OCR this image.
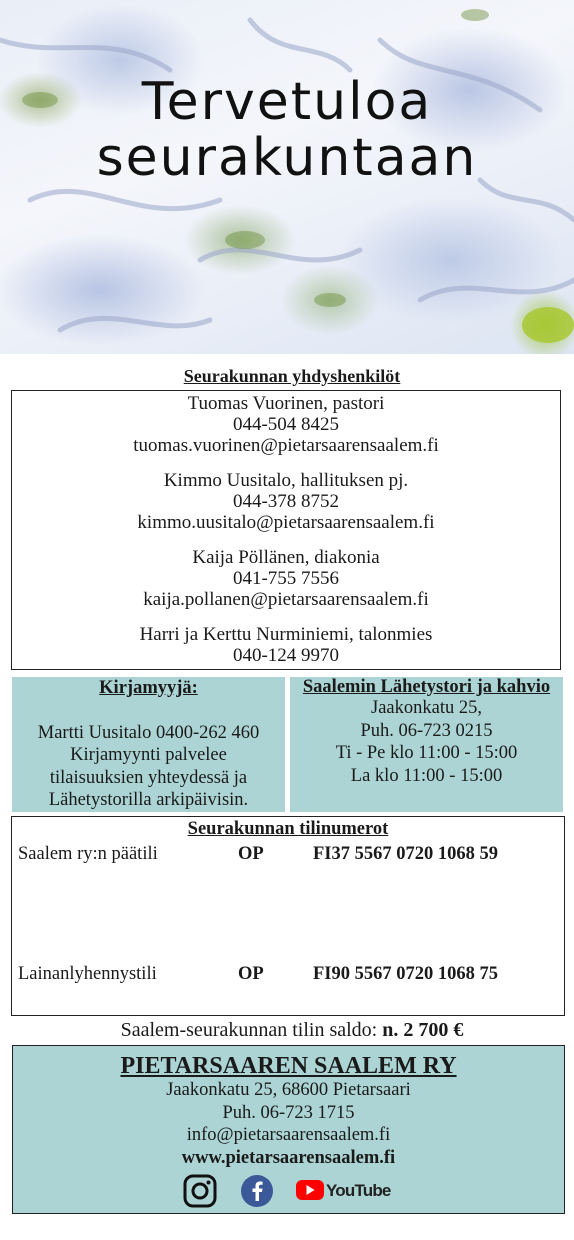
Tervetuloa
seurakuntaan
Seurakunnan yhdyshenkilöt
Tuomas Vuorinen, pastori
044-504 8425
tuomas.vuorinen@pietarsaarensaalem.fi
Kimmo Uusitalo, hallituksen pj.
044-378 8752
kimmo.uusitalo@pietarsaarensaalem.fi
Kaija Pöllänen, diakonia
041-755 7556
kaija.pollanen@pietarsaarensaalem.fi
Harri ja Kerttu Nurminiemi, talonmies
040-124 9970
Kirjamyyjä:
Martti Uusitalo 0400-262 460
Kirjamyynti palvelee
tilaisuuksien yhteydessä ja
Lähetystorilla arkipäivisin.
Saalemin Lähetystori ja kahvio
Jaakonkatu 25,
Puh. 06-723 0215
Ti - Pe klo 11:00 - 15:00
La klo 11:00 - 15:00
Seurakunnan tilinumerot
Saalem ry:n päätili	OP	FI37 5567 0720 1068 59
Lainanlyhennystili	OP	FI90 5567 0720 1068 75
Saalem-seurakunnan tilin saldo: n. 2 700 €
PIETARSAAREN SAALEM RY
Jaakonkatu 25, 68600 Pietarsaari
Puh. 06-723 1715
info@pietarsaarensaalem.fi
www.pietarsaarensaalem.fi
YouTube
